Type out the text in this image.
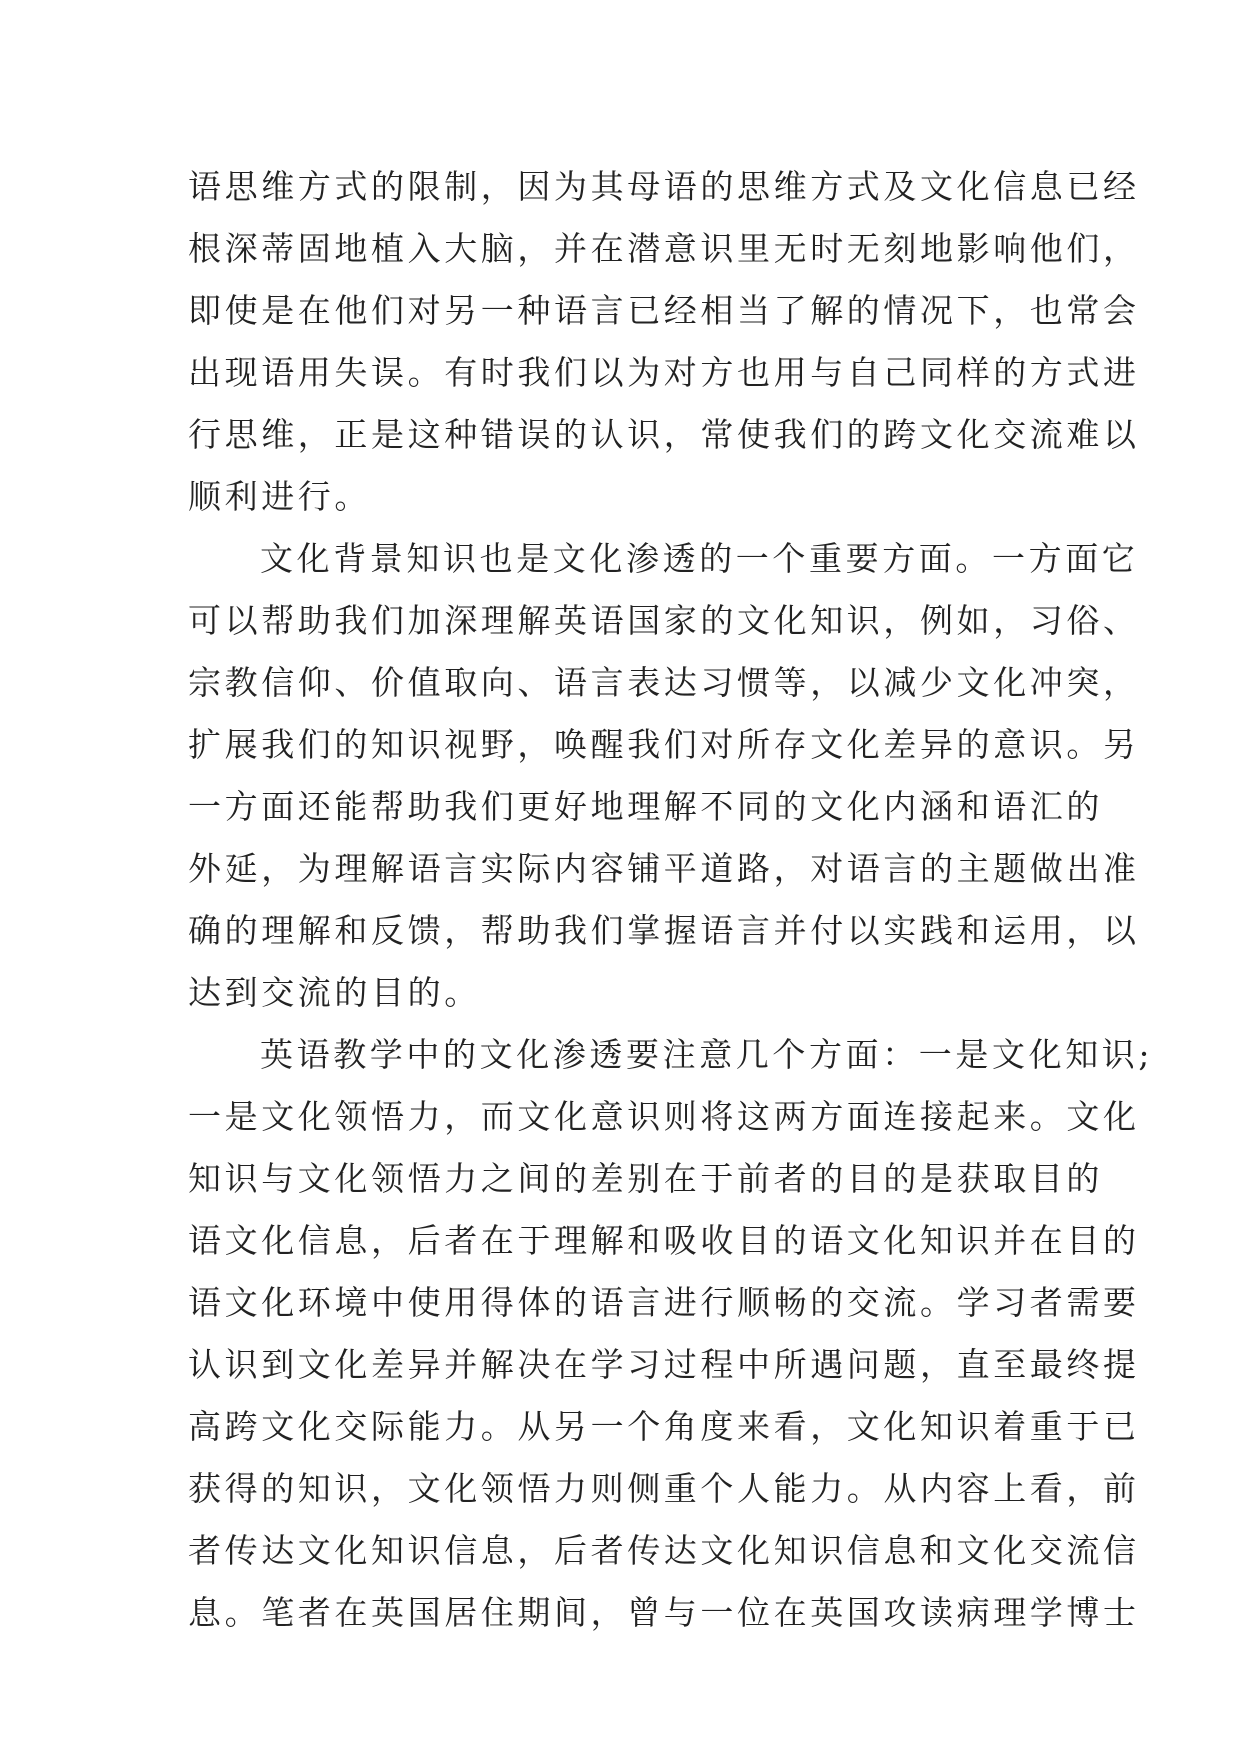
语思维方式的限制，因为其母语的思维方式及文化信息已经
根深蒂固地植入大脑，并在潜意识里无时无刻地影响他们，
即使是在他们对另一种语言已经相当了解的情况下，也常会
出现语用失误。有时我们以为对方也用与自己同样的方式进
行思维，正是这种错误的认识，常使我们的跨文化交流难以
顺利进行。
文化背景知识也是文化渗透的一个重要方面。一方面它
可以帮助我们加深理解英语国家的文化知识，例如，习俗、
宗教信仰、价值取向、语言表达习惯等，以减少文化冲突，
扩展我们的知识视野，唤醒我们对所存文化差异的意识。另
一方面还能帮助我们更好地理解不同的文化内涵和语汇的
外延，为理解语言实际内容铺平道路，对语言的主题做出准
确的理解和反馈，帮助我们掌握语言并付以实践和运用，以
达到交流的目的。
英语教学中的文化渗透要注意几个方面：一是文化知识;
一是文化领悟力，而文化意识则将这两方面连接起来。文化
知识与文化领悟力之间的差别在于前者的目的是获取目的
语文化信息，后者在于理解和吸收目的语文化知识并在目的
语文化环境中使用得体的语言进行顺畅的交流。学习者需要
认识到文化差异并解决在学习过程中所遇问题，直至最终提
高跨文化交际能力。从另一个角度来看，文化知识着重于已
获得的知识，文化领悟力则侧重个人能力。从内容上看，前
者传达文化知识信息，后者传达文化知识信息和文化交流信
息。笔者在英国居住期间，曾与一位在英国攻读病理学博士
